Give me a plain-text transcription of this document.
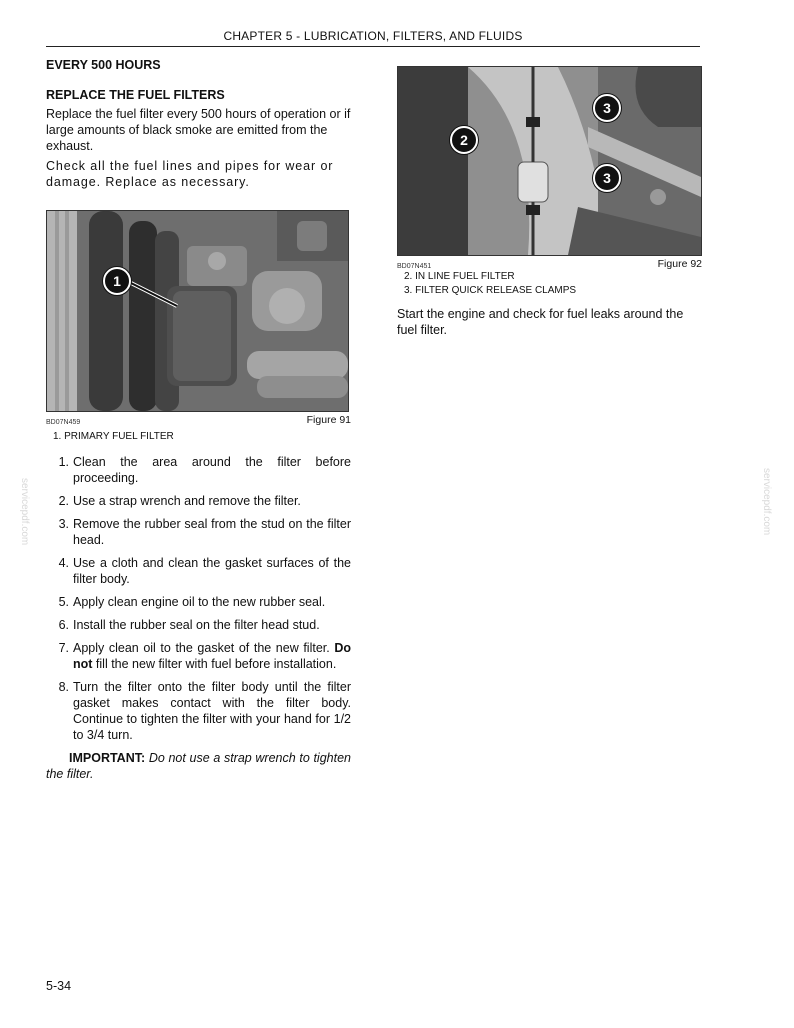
CHAPTER 5 - LUBRICATION, FILTERS, AND FLUIDS

EVERY 500 HOURS

REPLACE THE FUEL FILTERS

Replace the fuel filter every 500 hours of operation or if large amounts of black smoke are emitted from the exhaust.

Check all the fuel lines and pipes for wear or damage. Replace as necessary.

1
BD07N459	Figure 91
1. PRIMARY FUEL FILTER
1. Clean the area around the filter before proceeding.
2. Use a strap wrench and remove the filter.
3. Remove the rubber seal from the stud on the filter head.
4. Use a cloth and clean the gasket surfaces of the filter body.
5. Apply clean engine oil to the new rubber seal.
6. Install the rubber seal on the filter head stud.
7. Apply clean oil to the gasket of the new filter. Do not fill the new filter with fuel before installation.
8. Turn the filter onto the filter body until the filter gasket makes contact with the filter body. Continue to tighten the filter with your hand for 1/2 to 3/4 turn.

IMPORTANT: Do not use a strap wrench to tighten the filter.

2
3
3
BD07N451	Figure 92
2. IN LINE FUEL FILTER
3. FILTER QUICK RELEASE CLAMPS

Start the engine and check for fuel leaks around the fuel filter.

5-34
servicepdf.com	servicepdf.com
